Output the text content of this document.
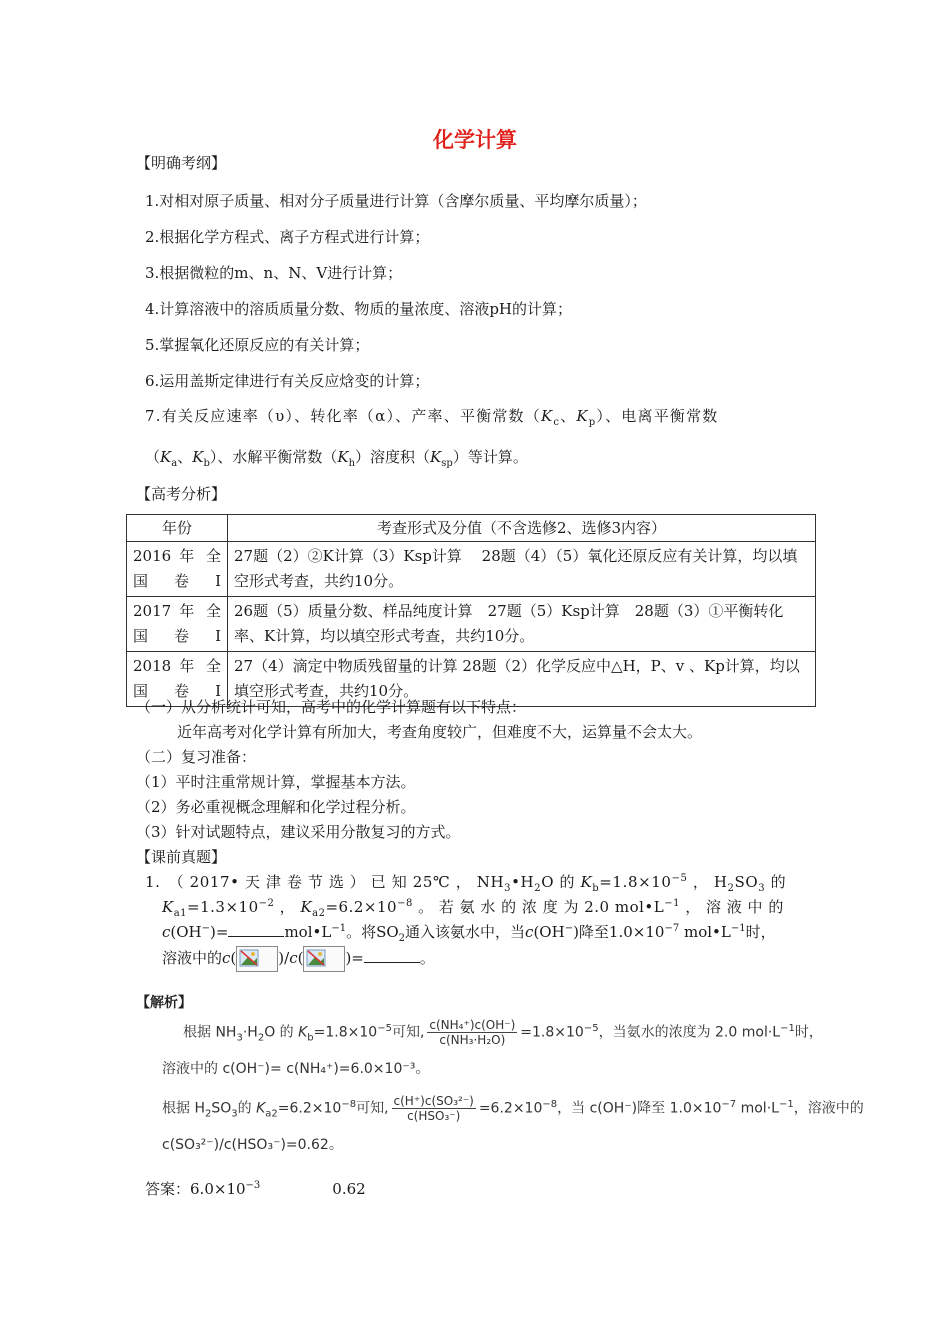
化学计算
【明确考纲】
1.对相对原子质量、相对分子质量进行计算（含摩尔质量、平均摩尔质量）；
2.根据化学方程式、离子方程式进行计算；
3.根据微粒的m、n、N、V进行计算；
4.计算溶液中的溶质质量分数、物质的量浓度、溶液pH的计算；
5.掌握氧化还原反应的有关计算；
6.运用盖斯定律进行有关反应焓变的计算；
7.有关反应速率（υ）、转化率（α）、产率、平衡常数（$K_c$、$K_p$）、电离平衡常数
（$K_a$、$K_b$）、水解平衡常数$(K_h)$溶度积$(K_{sp})$等计算。
【高考分析】
年份	考查形式及分值（不含选修2、选修3内容）
2016 年 全 国卷Ⅰ	27题（2）②K计算（3）Ksp计算　 28题（4）（5）氧化还原反应有关计算，均以填空形式考查，共约10分。
2017 年 全 国卷Ⅰ	26题（5）质量分数、样品纯度计算　27题（5）Ksp计算　28题（3）①平衡转化率、K计算，均以填空形式考查，共约10分。
2018 年 全 国卷Ⅰ	27（4）滴定中物质残留量的计算 28题（2）化学反应中△H，P、v 、Kp计算，均以填空形式考查，共约10分。
（一）从分析统计可知，高考中的化学计算题有以下特点：
近年高考对化学计算有所加大，考查角度较广，但难度不大，运算量不会太大。
（二）复习准备：
（1）平时注重常规计算，掌握基本方法。
（2）务必重视概念理解和化学过程分析。
（3）针对试题特点，建议采用分散复习的方式。
【课前真题】
1.　（ 2017• 天 津 卷 节 选 ） 已 知 25℃ ， $NH_3•H_2O$ 的 $K_b=1.8\times 10^{-5}$ ， $H_2SO_3$ 的
$K_{a1}=1.3\times 10^{-2}$ ， $K_{a2}=6.2\times 10^{-8}$ 。 若 氨 水 的 浓 度 为 2.0 $mol•L^{-1}$ ， 溶 液 中 的
c(OH−)=	$mol•L^{-1}$。将$SO_2$通入该氨水中，当c(OH−)降至$1.0\times 10^{-7}$ $mol•L^{-1}$时，
溶液中的c(	)/c(	)=	。
【解析】
根据 $NH_3\cdot H_2O$ 的 $K_b=1.8\times 10^{-5}$可知, $\frac{\text{c(NH₄⁺)c(OH⁻)}}{\text{c(NH₃·H₂O)}} =1.8\times 10^{-5}$，当氨水的浓度为 2.0 $mol\cdot L^{-1}$时，
溶液中的 c(OH⁻)= c(NH₄⁺)=6.0×10⁻³。
根据 $H_2SO_3$的 $K_{a2}=6.2\times 10^{-8}$可知, $\frac{\text{c(H⁺)c(SO₃²⁻)}}{\text{c(HSO₃⁻)}} =6.2\times 10^{-8}$，当 c(OH⁻)降至 $1.0\times 10^{-7}$ $mol\cdot L^{-1}$，溶液中的
c(SO₃²⁻)/c(HSO₃⁻)=0.62。
答案：$6.0\times 10^{-3}$	0.62
